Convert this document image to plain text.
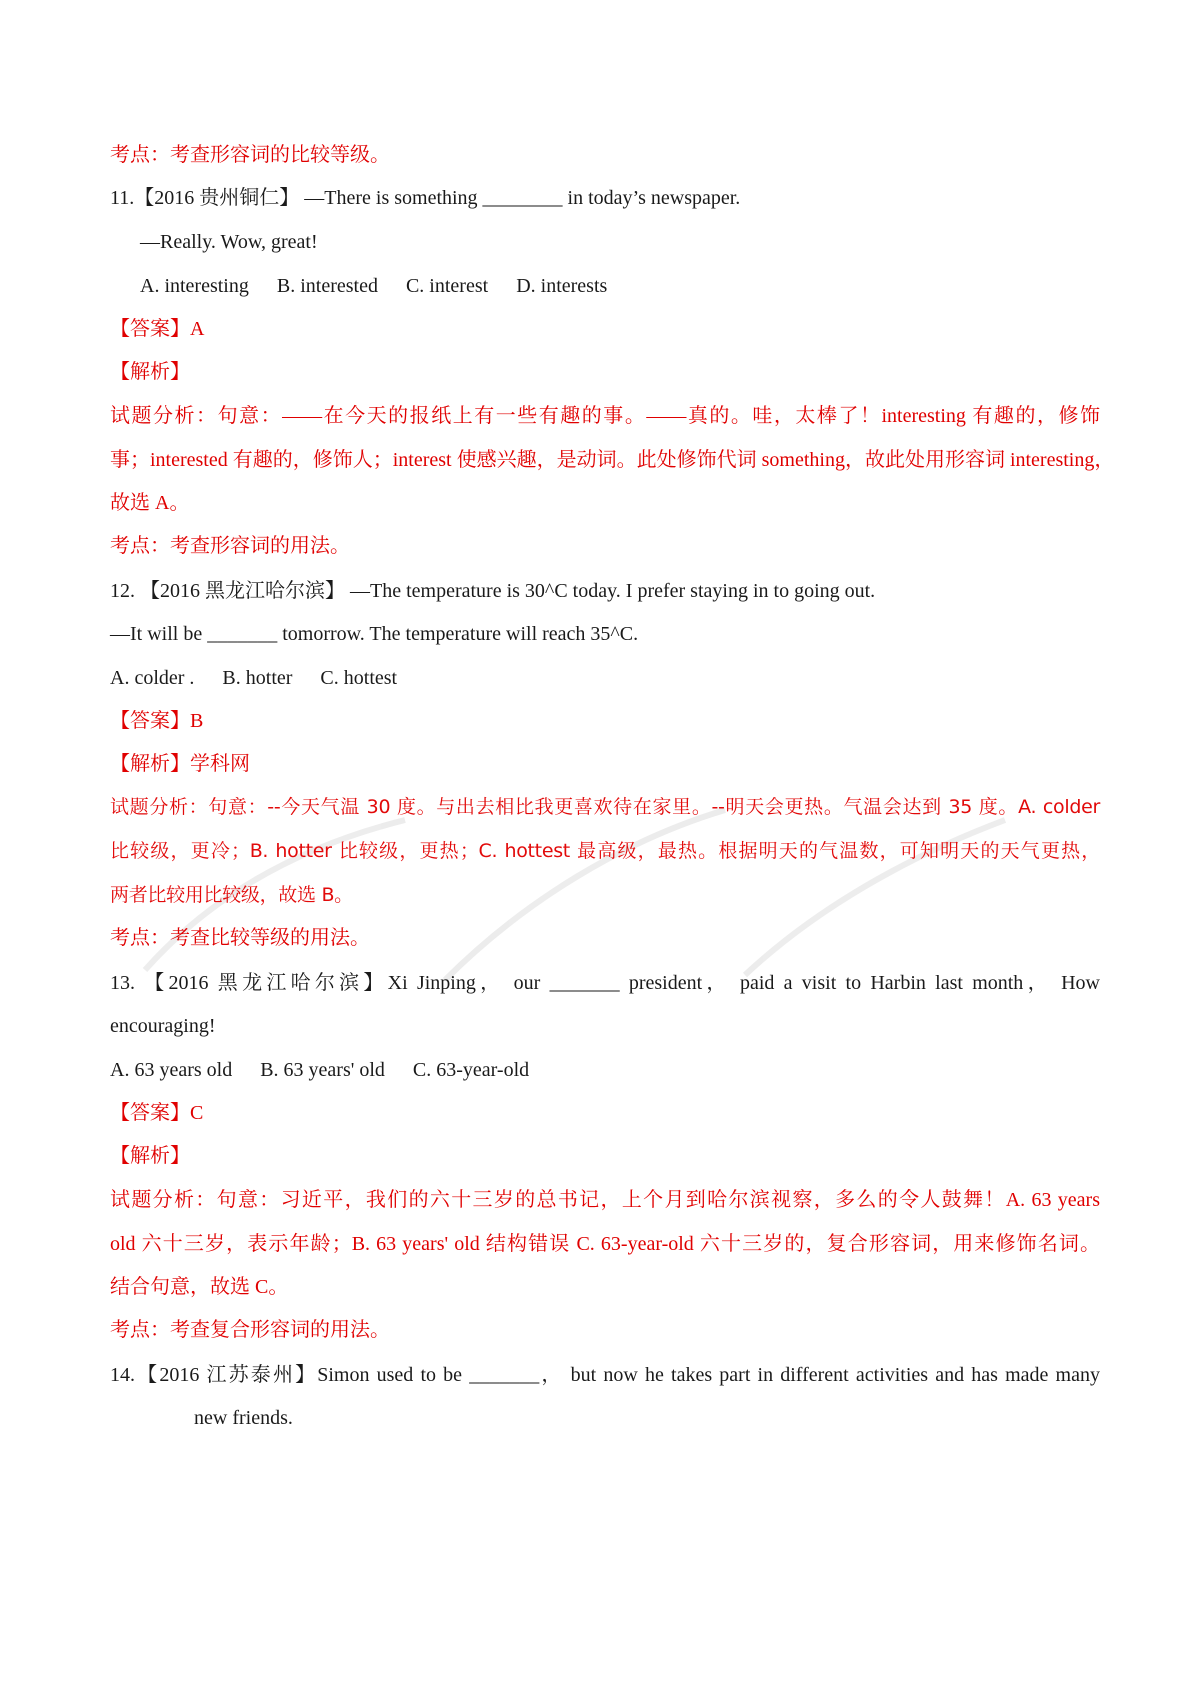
考点：考查形容词的比较等级。
11.【2016 贵州铜仁】 —There is something ________ in today’s newspaper.
—Really. Wow, great!
A. interesting B. interested C. interest D. interests
【答案】A
【解析】
试题分析：句意：——在今天的报纸上有一些有趣的事。——真的。哇，太棒了！interesting 有趣的，修饰
事；interested 有趣的，修饰人；interest 使感兴趣，是动词。此处修饰代词 something，故此处用形容词 interesting，
故选 A。
考点：考查形容词的用法。
12. 【2016 黑龙江哈尔滨】 —The temperature is 30^C today. I prefer staying in to going out.
—It will be _______ tomorrow. The temperature will reach 35^C.
A. colder . B. hotter C. hottest
【答案】B
【解析】学科网
试题分析：句意：--今天气温 30 度。与出去相比我更喜欢待在家里。--明天会更热。气温会达到 35 度。A. colder
比较级，更冷；B. hotter 比较级，更热；C. hottest 最高级，最热。根据明天的气温数，可知明天的天气更热，
两者比较用比较级，故选 B。
考点：考查比较等级的用法。
13. 【2016 黑龙江哈尔滨】Xi Jinping， our _______ president， paid a visit to Harbin last month， How
encouraging!
A. 63 years old B. 63 years' old C. 63-year-old
【答案】C
【解析】
试题分析：句意：习近平，我们的六十三岁的总书记，上个月到哈尔滨视察，多么的令人鼓舞！A. 63 years
old 六十三岁，表示年龄；B. 63 years' old 结构错误 C. 63-year-old 六十三岁的，复合形容词，用来修饰名词。
结合句意，故选 C。
考点：考查复合形容词的用法。
14.【2016 江苏泰州】Simon used to be _______， but now he takes part in different activities and has made many
new friends.
